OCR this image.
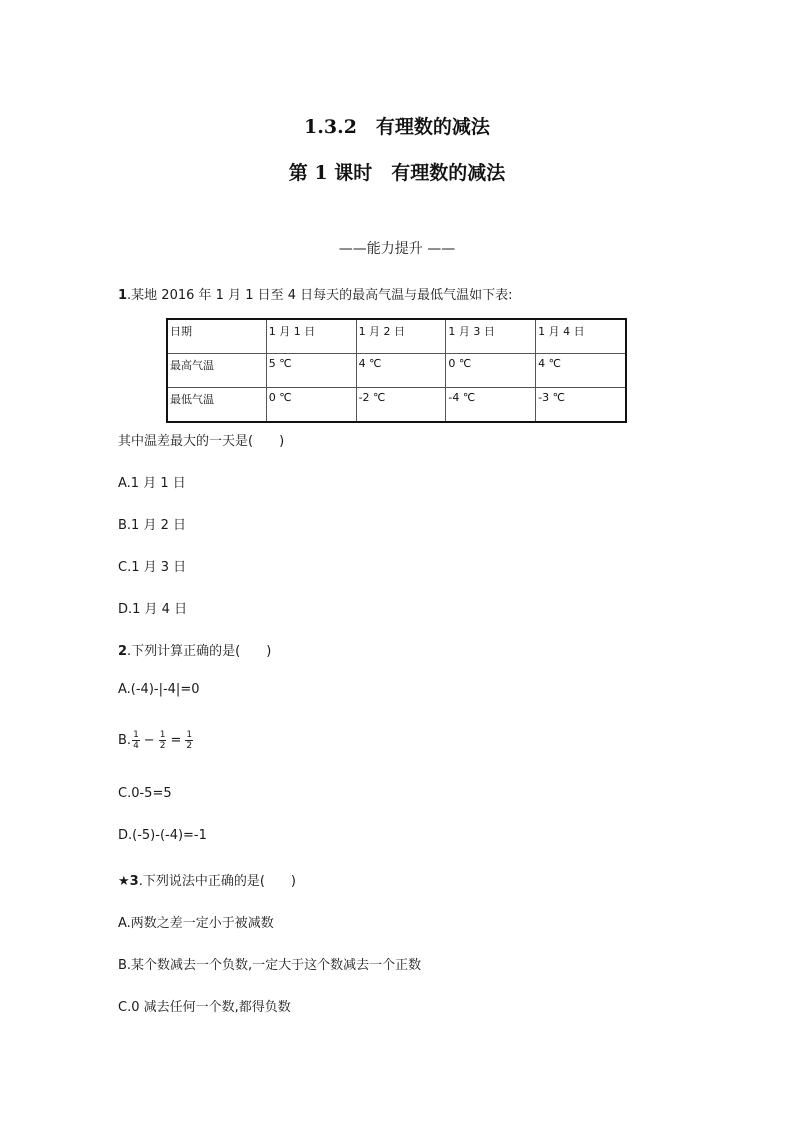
1.3.2　有理数的减法
第 1 课时　有理数的减法
——能力提升 ——
1.某地 2016 年 1 月 1 日至 4 日每天的最高气温与最低气温如下表:
日期	1 月 1 日	1 月 2 日	1 月 3 日	1 月 4 日
最高气温	5 ℃	4 ℃	0 ℃	4 ℃
最低气温	0 ℃	-2 ℃	-4 ℃	-3 ℃
其中温差最大的一天是(　　)
A.1 月 1 日
B.1 月 2 日
C.1 月 3 日
D.1 月 4 日
2.下列计算正确的是(　　)
A.(-4)-|-4|=0
B. $\frac{1}{4} - \frac{1}{2} = \frac{1}{2}$
C.0-5=5
D.(-5)-(-4)=-1
★3.下列说法中正确的是(　　)
A.两数之差一定小于被减数
B.某个数减去一个负数,一定大于这个数减去一个正数
C.0 减去任何一个数,都得负数
